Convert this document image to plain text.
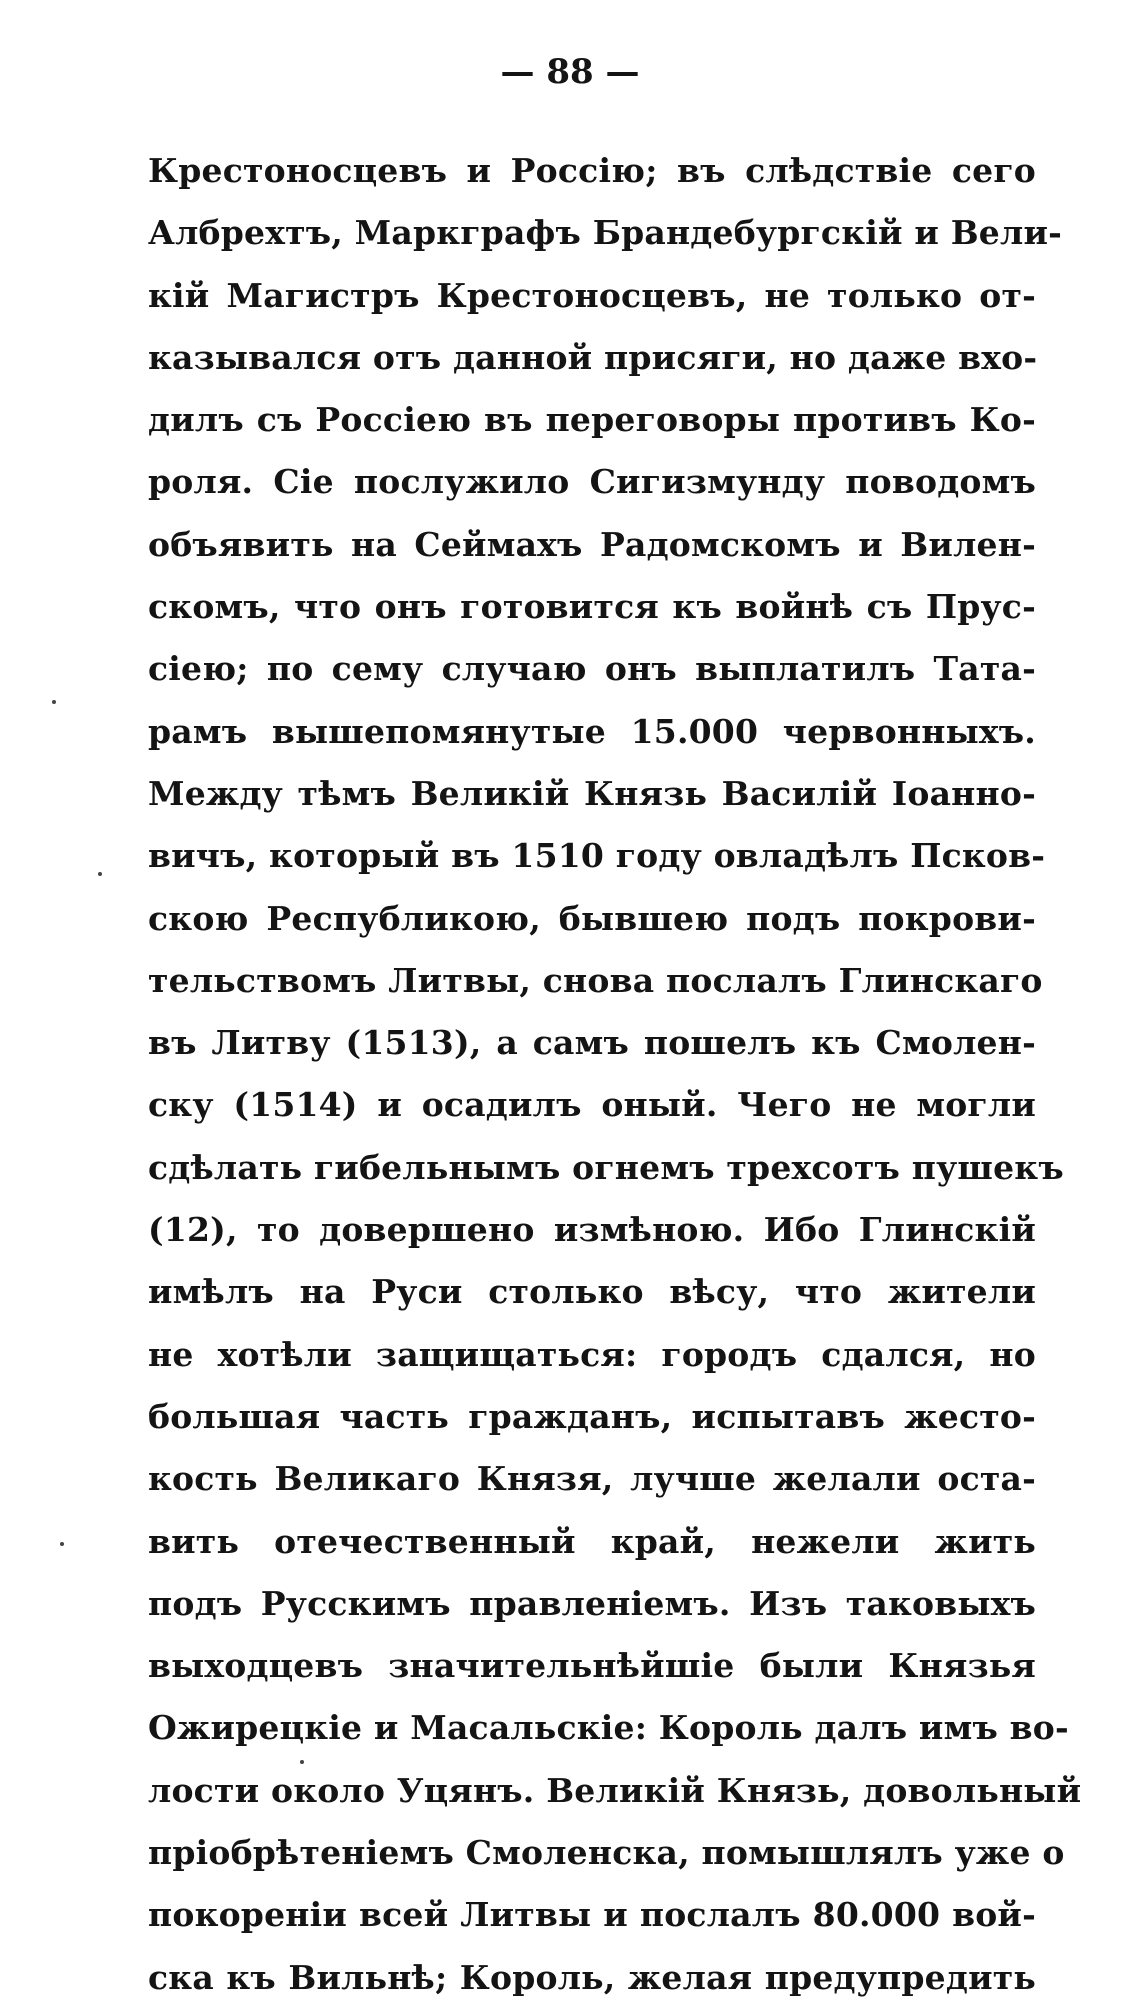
— 88 —
Крестоносцевъ и Россію; въ слѣдствіе сего
Албрехтъ, Маркграфъ Брандебургскій и Вели-
кій Магистръ Крестоносцевъ, не только от-
казывался отъ данной присяги, но даже вхо-
дилъ съ Россіею въ переговоры противъ Ко-
роля. Сіе послужило Сигизмунду поводомъ
объявить на Сеймахъ Радомскомъ и Вилен-
скомъ, что онъ готовится къ войнѣ съ Прус-
сіею; по сему случаю онъ выплатилъ Тата-
рамъ вышепомянутые 15.000 червонныхъ.
Между тѣмъ Великій Князь Василій Іоанно-
вичъ, который въ 1510 году овладѣлъ Псков-
скою Республикою, бывшею подъ покрови-
тельствомъ Литвы, снова послалъ Глинскаго
въ Литву (1513), а самъ пошелъ къ Смолен-
ску (1514) и осадилъ оный. Чего не могли
сдѣлать гибельнымъ огнемъ трехсотъ пушекъ
(12), то довершено измѣною. Ибо Глинскій
имѣлъ на Руси столько вѣсу, что жители
не хотѣли защищаться: городъ сдался, но
большая часть гражданъ, испытавъ жесто-
кость Великаго Князя, лучше желали оста-
вить отечественный край, нежели жить
подъ Русскимъ правленіемъ. Изъ таковыхъ
выходцевъ значительнѣйшіе были Князья
Ожирецкіе и Масальскіе: Король далъ имъ во-
лости около Уцянъ. Великій Князь, довольный
пріобрѣтеніемъ Смоленска, помышлялъ уже о
покореніи всей Литвы и послалъ 80.000 вой-
ска къ Вильнѣ; Король, желая предупредить
